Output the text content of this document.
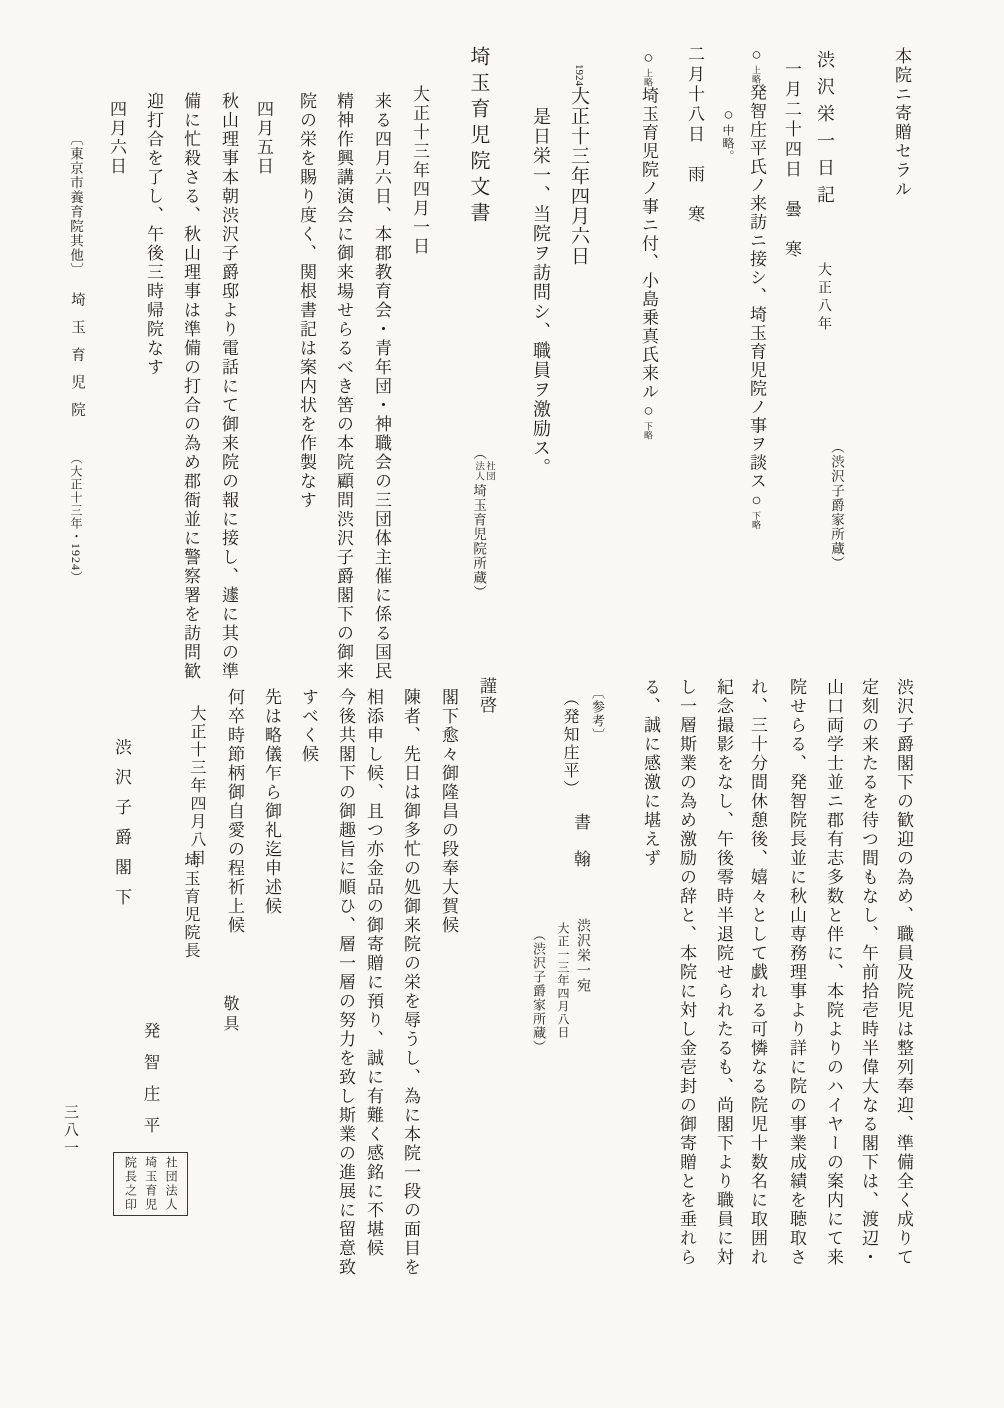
本院ニ寄贈セラル
渋沢栄一日記
大正八年
（渋沢子爵家所蔵）
一月二十四日　曇　寒
○上略発智庄平氏ノ来訪ニ接シ、埼玉育児院ノ事ヲ談ス○下略
○中略。
二月十八日　雨　寒
○上略埼玉育児院ノ事ニ付、小島乗真氏来ル○下略
1924
大正十三年四月六日
是日栄一、当院ヲ訪問シ、職員ヲ激励ス。
埼玉育児院文書
（社団法人埼玉育児院所蔵）
大正十三年四月一日
来る四月六日、本郡教育会・青年団・神職会の三団体主催に係る国民
精神作興講演会に御来場せらるべき筈の本院顧問渋沢子爵閣下の御来
院の栄を賜り度く、関根書記は案内状を作製なす
四月五日
秋山理事本朝渋沢子爵邸より電話にて御来院の報に接し、遽に其の準
備に忙殺さる、秋山理事は準備の打合の為め郡衙並に警察署を訪問歓
迎打合を了し、午後三時帰院なす
四月六日
〔東京市養育院其他〕
埼玉育児院
（大正十三年・1924）
渋沢子爵閣下の歓迎の為め、職員及院児は整列奉迎、準備全く成りて
定刻の来たるを待つ間もなし、午前拾壱時半偉大なる閣下は、渡辺・
山口両学士並ニ郡有志多数と伴に、本院よりのハイヤーの案内にて来
院せらる、発智院長並に秋山専務理事より詳に院の事業成績を聴取さ
れ、三十分間休憩後、嬉々として戯れる可憐なる院児十数名に取囲れ
紀念撮影をなし、午後零時半退院せられたるも、尚閣下より職員に対
し一層斯業の為め激励の辞と、本院に対し金壱封の御寄贈とを垂れら
る、誠に感激に堪えず
〔参考〕
（発知庄平）
書翰
渋沢栄一宛
大正一三年四月八日
（渋沢子爵家所蔵）
謹啓
閣下愈々御隆昌の段奉大賀候
陳者、先日は御多忙の処御来院の栄を辱うし、為に本院一段の面目を
相添申し候、且つ亦金品の御寄贈に預り、誠に有難く感銘に不堪候
今後共閣下の御趣旨に順ひ、層一層の努力を致し斯業の進展に留意致
すべく候
先は略儀乍ら御礼迄申述候
何卒時節柄御自愛の程祈上候
敬具
大正十三年四月八日
埼玉育児院長
発智庄平
社団法人埼玉育児院長之印
渋沢子爵閣下
三八一
